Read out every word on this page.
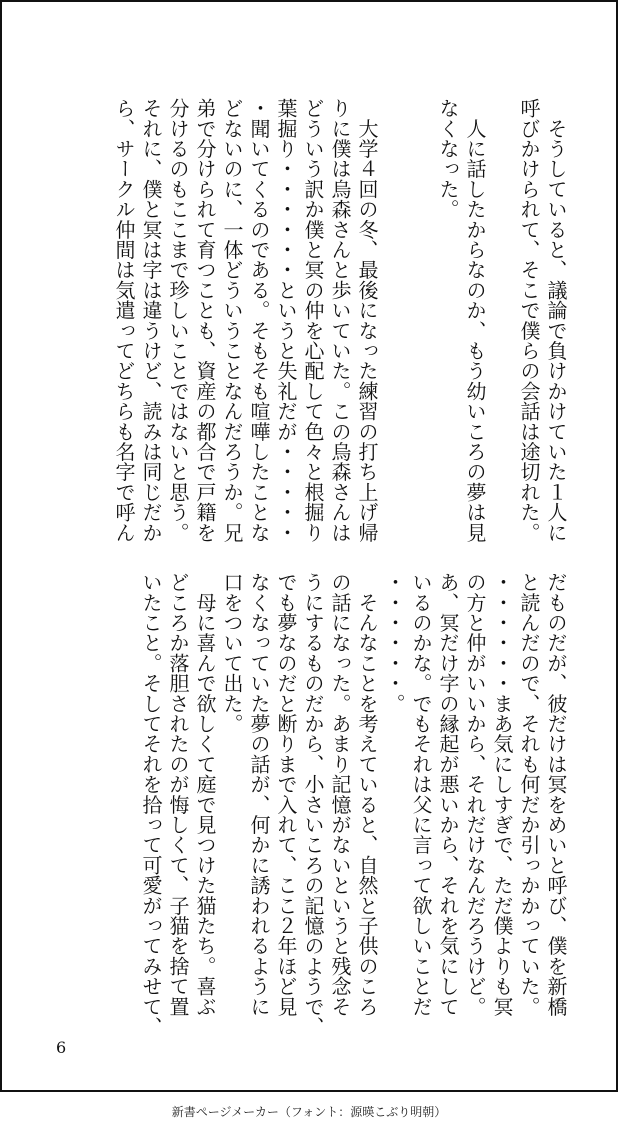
　そうしていると、議論で負けかけていた１人に
呼びかけられて、そこで僕らの会話は途切れた。
　人に話したからなのか、もう幼いころの夢は見
なくなった。
　大学４回の冬、最後になった練習の打ち上げ帰
りに僕は烏森さんと歩いていた。この烏森さんは
どういう訳か僕と冥の仲を心配して色々と根掘り
葉掘り・・・・・・というと失礼だが・・・・・
・聞いてくるのである。そもそも喧嘩したことな
どないのに、一体どういうことなんだろうか。兄
弟で分けられて育つことも、資産の都合で戸籍を
分けるのもここまで珍しいことではないと思う。
それに、僕と冥は字は違うけど、読みは同じだか
ら、サークル仲間は気遣ってどちらも名字で呼ん
だものだが、彼だけは冥をめいと呼び、僕を新橋
と読んだので、それも何だか引っかかっていた。
・・・・・・まあ気にしすぎで、ただ僕よりも冥
の方と仲がいいから、それだけなんだろうけど。
あ、冥だけ字の縁起が悪いから、それを気にして
いるのかな。でもそれは父に言って欲しいことだ
・・・・・・。
　そんなことを考えていると、自然と子供のころ
の話になった。あまり記憶がないというと残念そ
うにするものだから、小さいころの記憶のようで、
でも夢なのだと断りまで入れて、ここ２年ほど見
なくなっていた夢の話が、何かに誘われるように
口をついて出た。
　母に喜んで欲しくて庭で見つけた猫たち。喜ぶ
どころか落胆されたのが悔しくて、子猫を捨て置
いたこと。そしてそれを拾って可愛がってみせて、
6
新書ページメーカー（フォント：源暎こぶり明朝）
